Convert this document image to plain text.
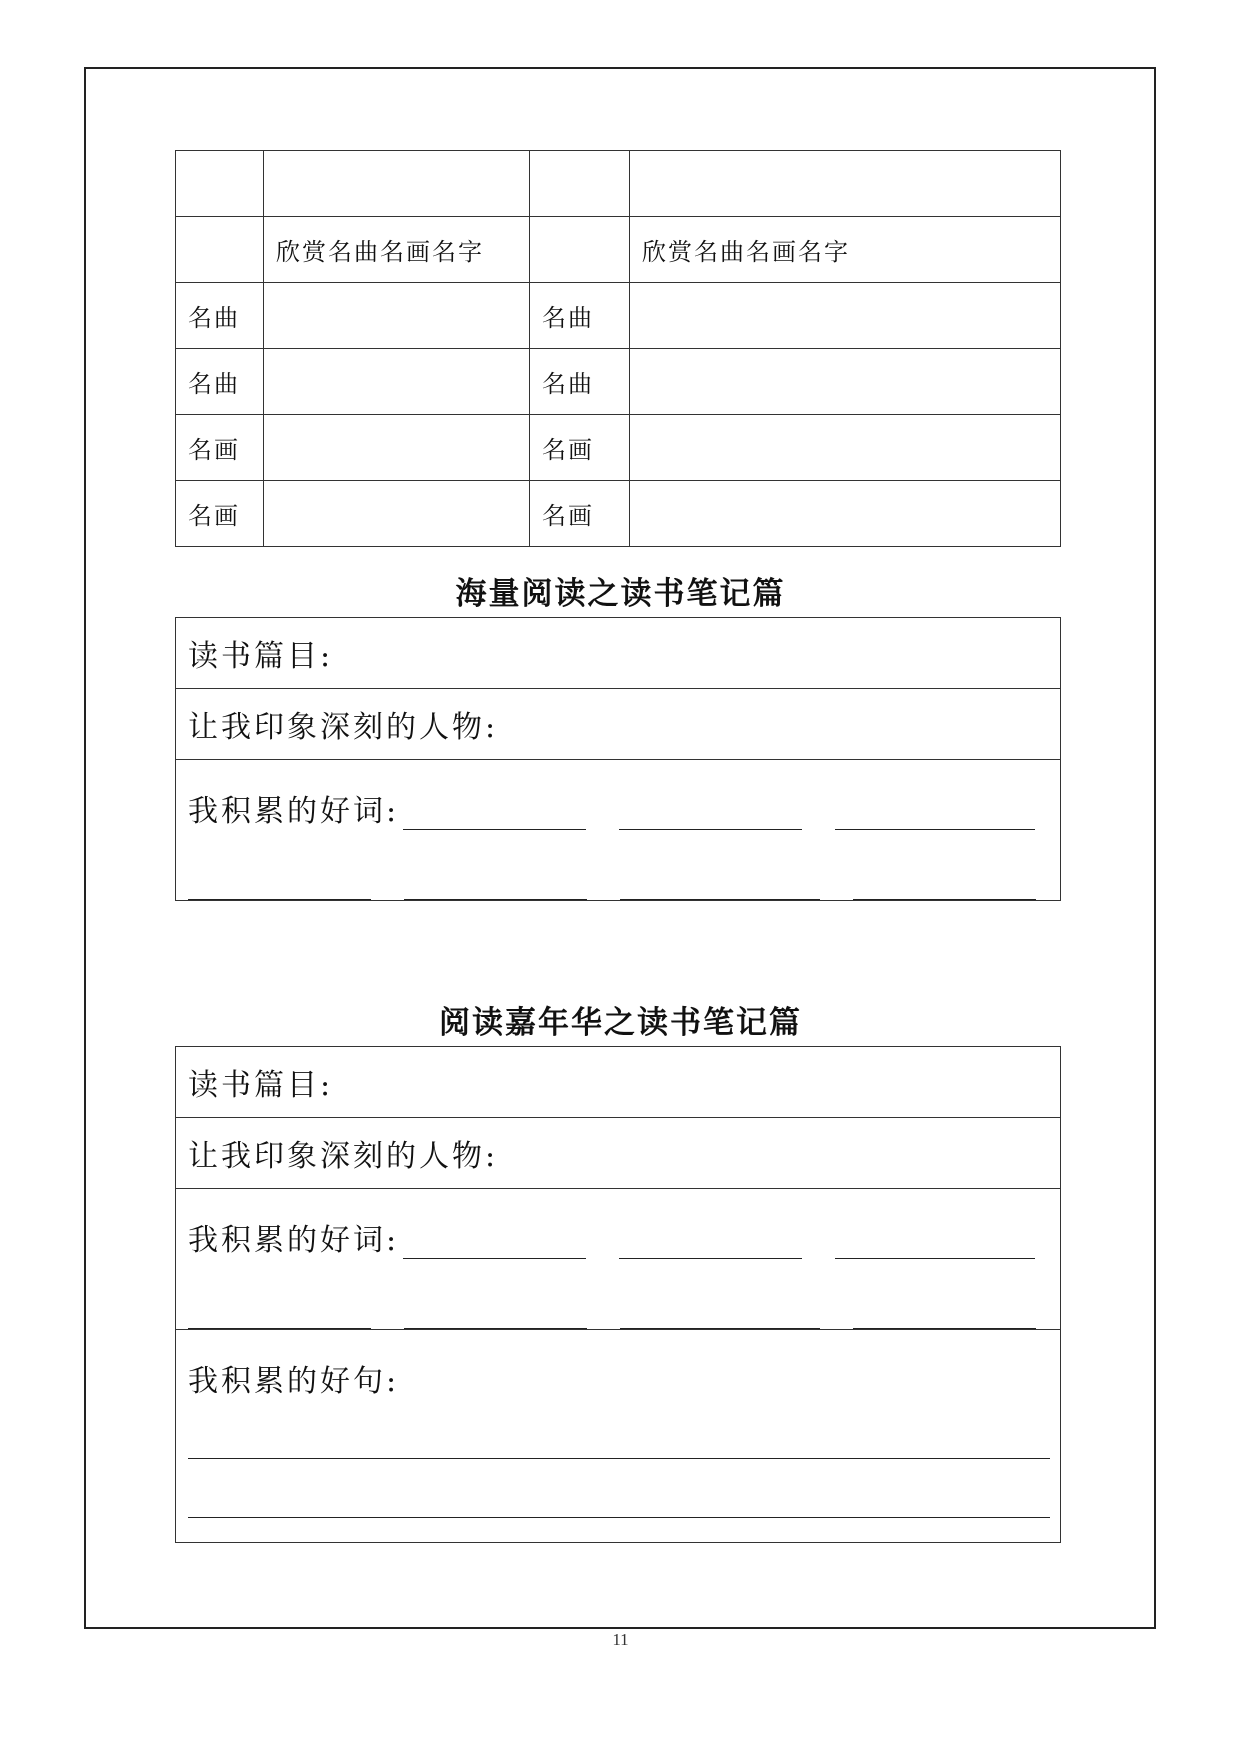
	欣赏名曲名画名字		欣赏名曲名画名字
名曲		名曲	
名曲		名曲	
名画		名画	
名画		名画	
海量阅读之读书笔记篇
读书篇目:
让我印象深刻的人物:

我积累的好词:
阅读嘉年华之读书笔记篇
读书篇目:
让我印象深刻的人物:

我积累的好词:

我积累的好句:
11
